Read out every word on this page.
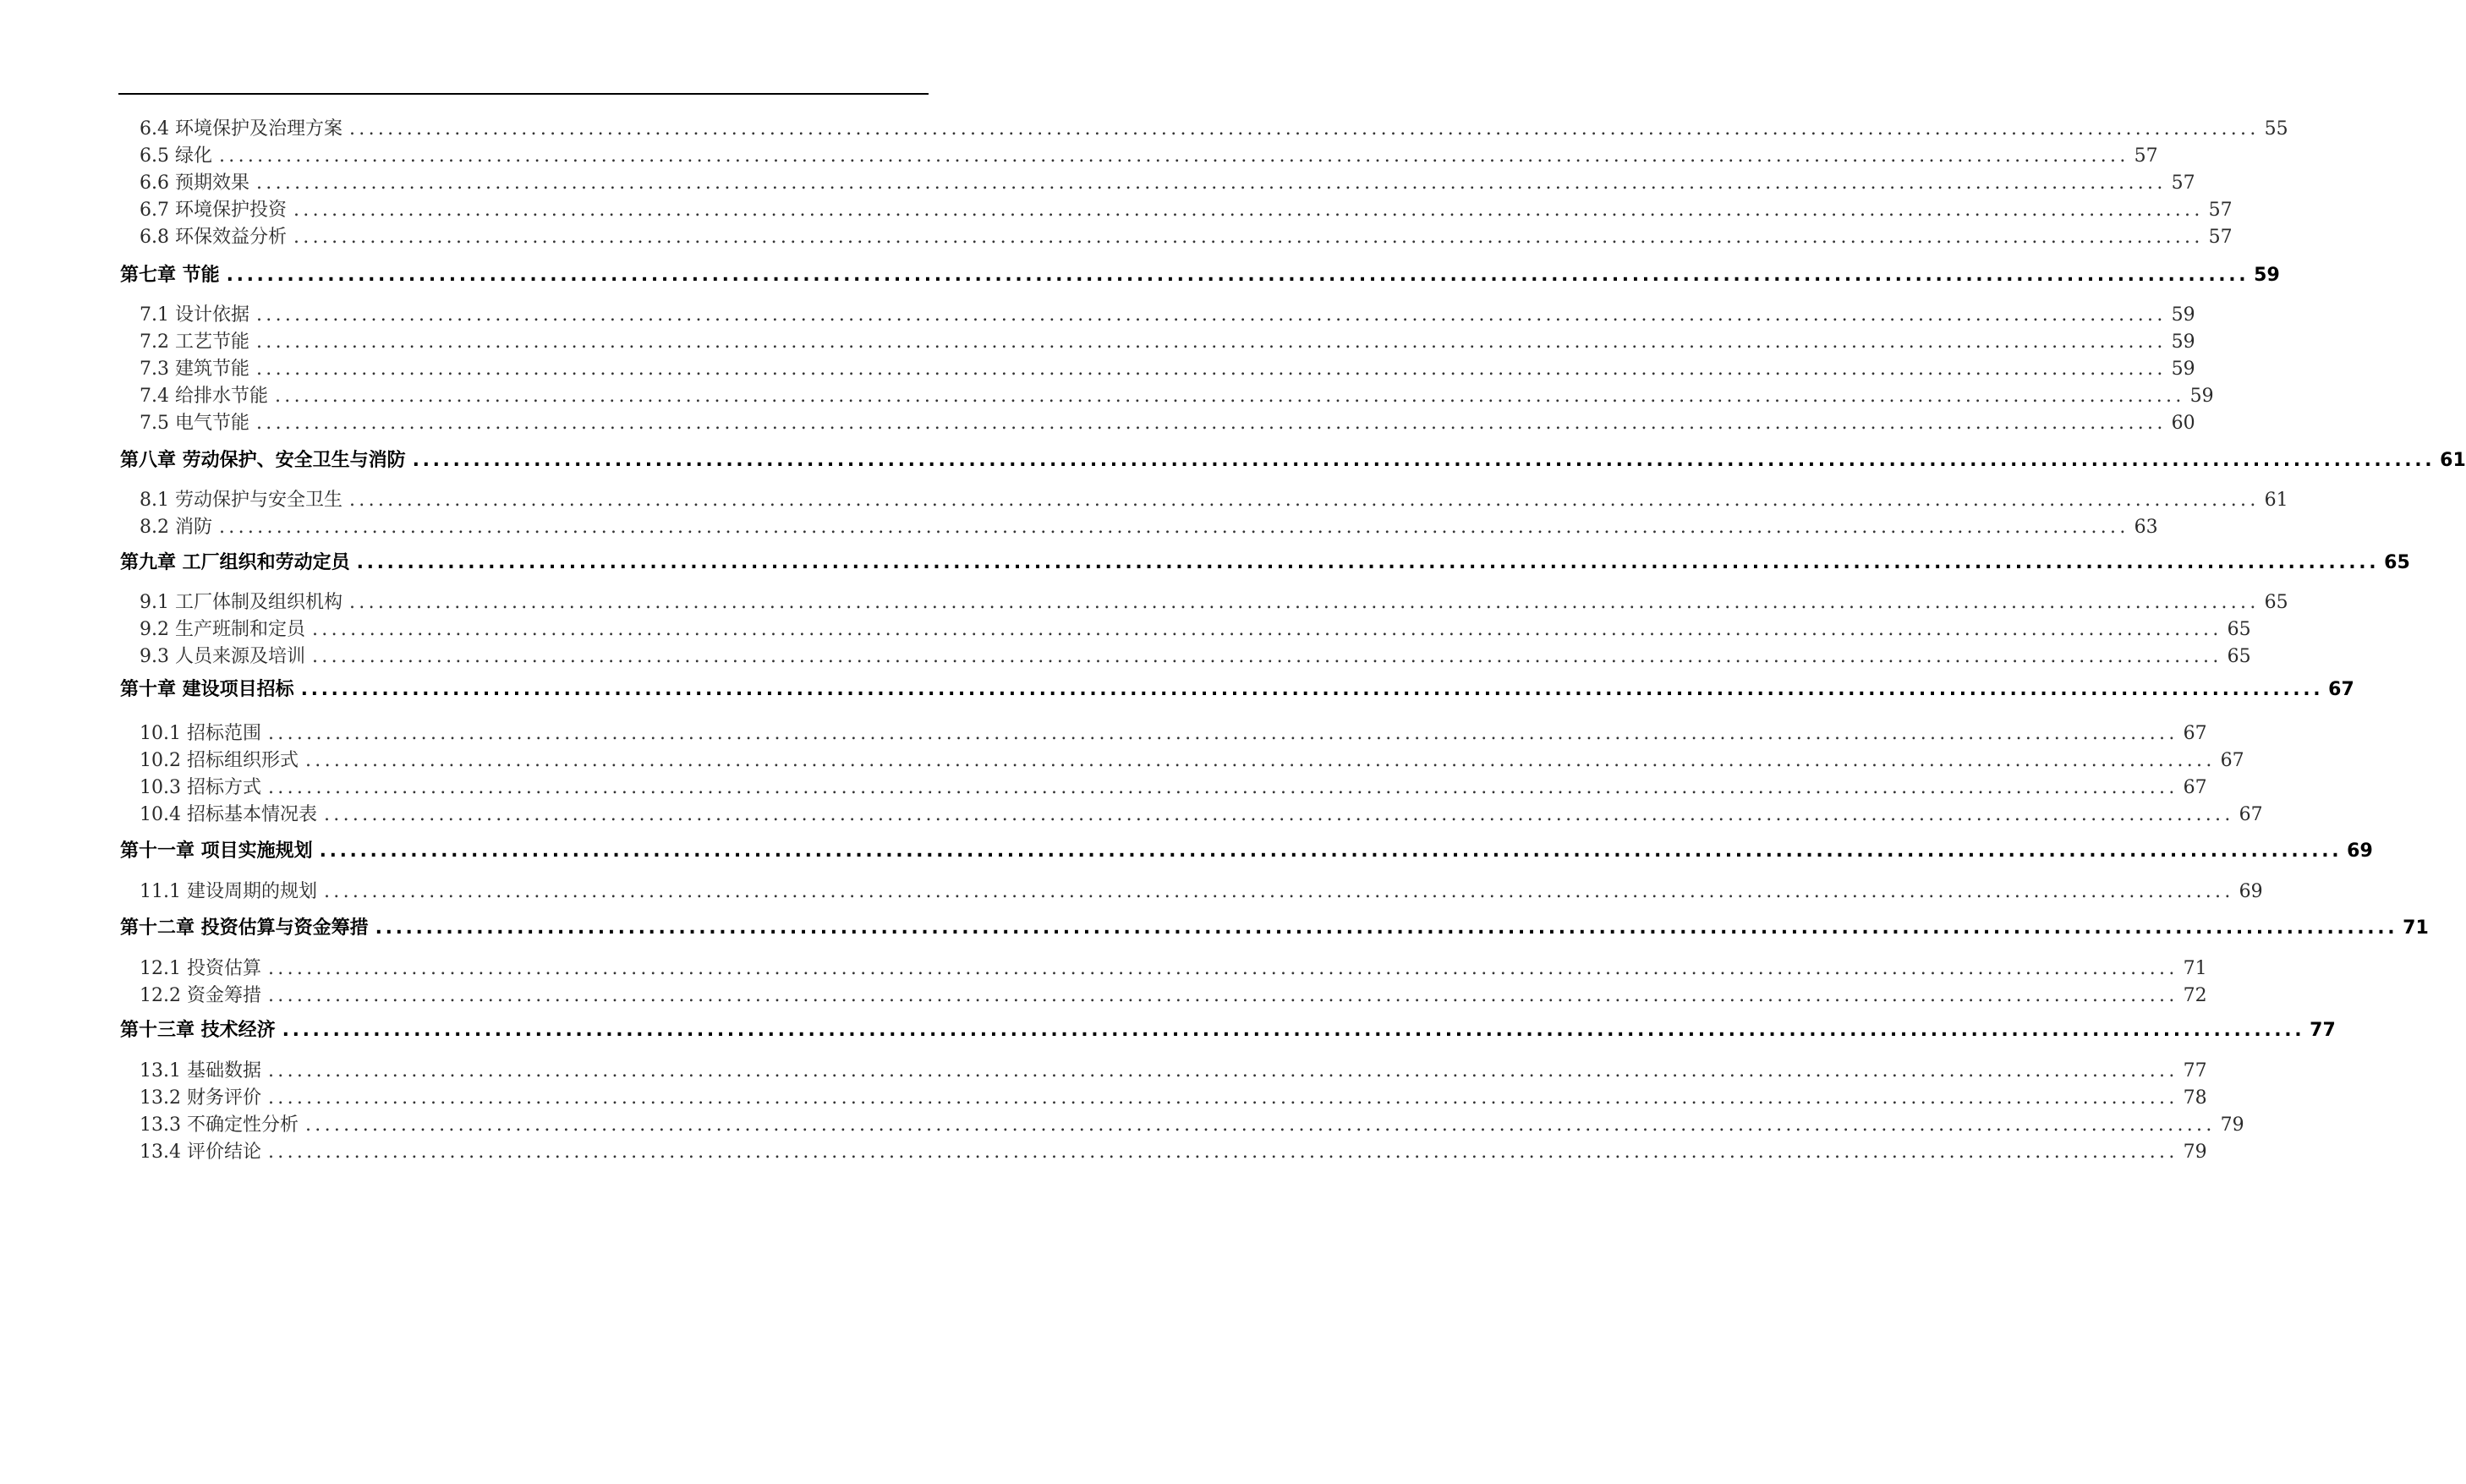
6.4 环境保护及治理方案 ........................................................................................................................................................................................................ 55
6.5 绿化 ........................................................................................................................................................................................................ 57
6.6 预期效果 ........................................................................................................................................................................................................ 57
6.7 环境保护投资 ........................................................................................................................................................................................................ 57
6.8 环保效益分析 ........................................................................................................................................................................................................ 57
第七章 节能 ........................................................................................................................................................................................................ 59
7.1 设计依据 ........................................................................................................................................................................................................ 59
7.2 工艺节能 ........................................................................................................................................................................................................ 59
7.3 建筑节能 ........................................................................................................................................................................................................ 59
7.4 给排水节能 ........................................................................................................................................................................................................ 59
7.5 电气节能 ........................................................................................................................................................................................................ 60
第八章 劳动保护、安全卫生与消防 ........................................................................................................................................................................................................ 61
8.1 劳动保护与安全卫生 ........................................................................................................................................................................................................ 61
8.2 消防 ........................................................................................................................................................................................................ 63
第九章 工厂组织和劳动定员 ........................................................................................................................................................................................................ 65
9.1 工厂体制及组织机构 ........................................................................................................................................................................................................ 65
9.2 生产班制和定员 ........................................................................................................................................................................................................ 65
9.3 人员来源及培训 ........................................................................................................................................................................................................ 65
第十章 建设项目招标 ........................................................................................................................................................................................................ 67
10.1 招标范围 ........................................................................................................................................................................................................ 67
10.2 招标组织形式 ........................................................................................................................................................................................................ 67
10.3 招标方式 ........................................................................................................................................................................................................ 67
10.4 招标基本情况表 ........................................................................................................................................................................................................ 67
第十一章 项目实施规划 ........................................................................................................................................................................................................ 69
11.1 建设周期的规划 ........................................................................................................................................................................................................ 69
第十二章 投资估算与资金筹措 ........................................................................................................................................................................................................ 71
12.1 投资估算 ........................................................................................................................................................................................................ 71
12.2 资金筹措 ........................................................................................................................................................................................................ 72
第十三章 技术经济 ........................................................................................................................................................................................................ 77
13.1 基础数据 ........................................................................................................................................................................................................ 77
13.2 财务评价 ........................................................................................................................................................................................................ 78
13.3 不确定性分析 ........................................................................................................................................................................................................ 79
13.4 评价结论 ........................................................................................................................................................................................................ 79
